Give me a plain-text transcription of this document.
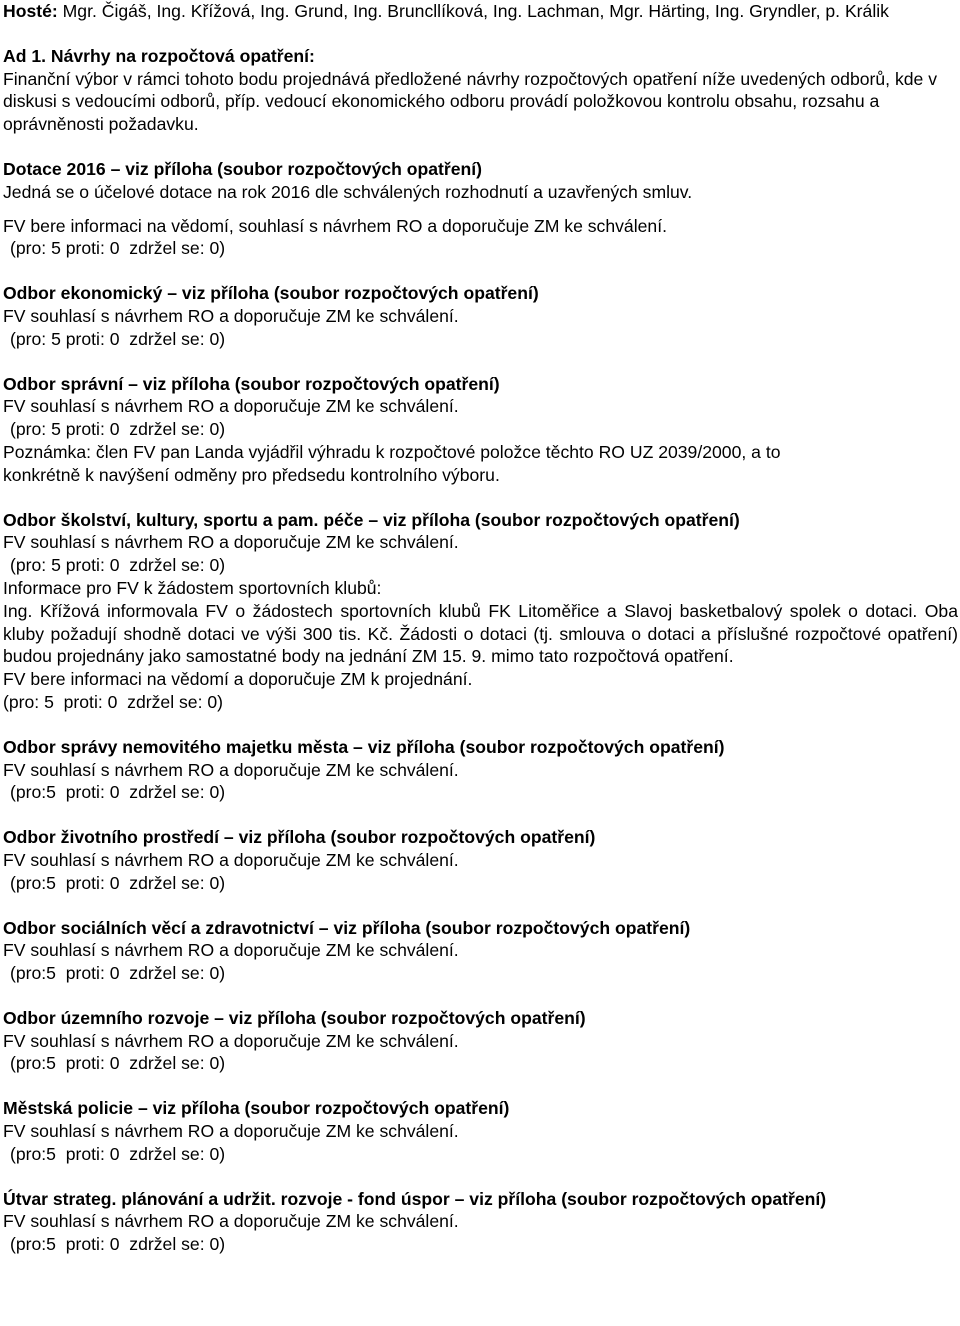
Hosté: Mgr. Čigáš, Ing. Křížová, Ing. Grund, Ing. Bruncllíková, Ing. Lachman, Mgr. Härting, Ing. Gryndler, p. Králik

Ad 1. Návrhy na rozpočtová opatření:

Finanční výbor v rámci tohoto bodu projednává předložené návrhy rozpočtových opatření níže uvedených odborů, kde v diskusi s vedoucími odborů, příp. vedoucí ekonomického odboru provádí položkovou kontrolu obsahu, rozsahu a oprávněnosti požadavku.

Dotace 2016 – viz příloha (soubor rozpočtových opatření)

Jedná se o účelové dotace na rok 2016 dle schválených rozhodnutí a uzavřených smluv.

FV bere informaci na vědomí, souhlasí s návrhem RO a doporučuje ZM ke schválení.

(pro: 5 proti: 0  zdržel se: 0)

Odbor ekonomický – viz příloha (soubor rozpočtových opatření)

FV souhlasí s návrhem RO a doporučuje ZM ke schválení.

(pro: 5 proti: 0  zdržel se: 0)

Odbor správní – viz příloha (soubor rozpočtových opatření)

FV souhlasí s návrhem RO a doporučuje ZM ke schválení.

(pro: 5 proti: 0  zdržel se: 0)

Poznámka: člen FV pan Landa vyjádřil výhradu k rozpočtové položce těchto RO UZ 2039/2000, a to

konkrétně k navýšení odměny pro předsedu kontrolního výboru.

Odbor školství, kultury, sportu a pam. péče – viz příloha (soubor rozpočtových opatření)

FV souhlasí s návrhem RO a doporučuje ZM ke schválení.

(pro: 5 proti: 0  zdržel se: 0)

Informace pro FV k žádostem sportovních klubů:

Ing. Křížová informovala FV o žádostech sportovních klubů FK Litoměřice a Slavoj basketbalový spolek o dotaci. Oba kluby požadují shodně dotaci ve výši 300 tis. Kč. Žádosti o dotaci (tj. smlouva o dotaci a příslušné rozpočtové opatření) budou projednány jako samostatné body na jednání ZM 15. 9. mimo tato rozpočtová opatření.

FV bere informaci na vědomí a doporučuje ZM k projednání.

(pro: 5  proti: 0  zdržel se: 0)

Odbor správy nemovitého majetku města – viz příloha (soubor rozpočtových opatření)

FV souhlasí s návrhem RO a doporučuje ZM ke schválení.

(pro:5  proti: 0  zdržel se: 0)

Odbor životního prostředí – viz příloha (soubor rozpočtových opatření)

FV souhlasí s návrhem RO a doporučuje ZM ke schválení.

(pro:5  proti: 0  zdržel se: 0)

Odbor sociálních věcí a zdravotnictví – viz příloha (soubor rozpočtových opatření)

FV souhlasí s návrhem RO a doporučuje ZM ke schválení.

(pro:5  proti: 0  zdržel se: 0)

Odbor územního rozvoje – viz příloha (soubor rozpočtových opatření)

FV souhlasí s návrhem RO a doporučuje ZM ke schválení.

(pro:5  proti: 0  zdržel se: 0)

Městská policie – viz příloha (soubor rozpočtových opatření)

FV souhlasí s návrhem RO a doporučuje ZM ke schválení.

(pro:5  proti: 0  zdržel se: 0)

Útvar strateg. plánování a udržit. rozvoje - fond úspor – viz příloha (soubor rozpočtových opatření)

FV souhlasí s návrhem RO a doporučuje ZM ke schválení.

(pro:5  proti: 0  zdržel se: 0)
